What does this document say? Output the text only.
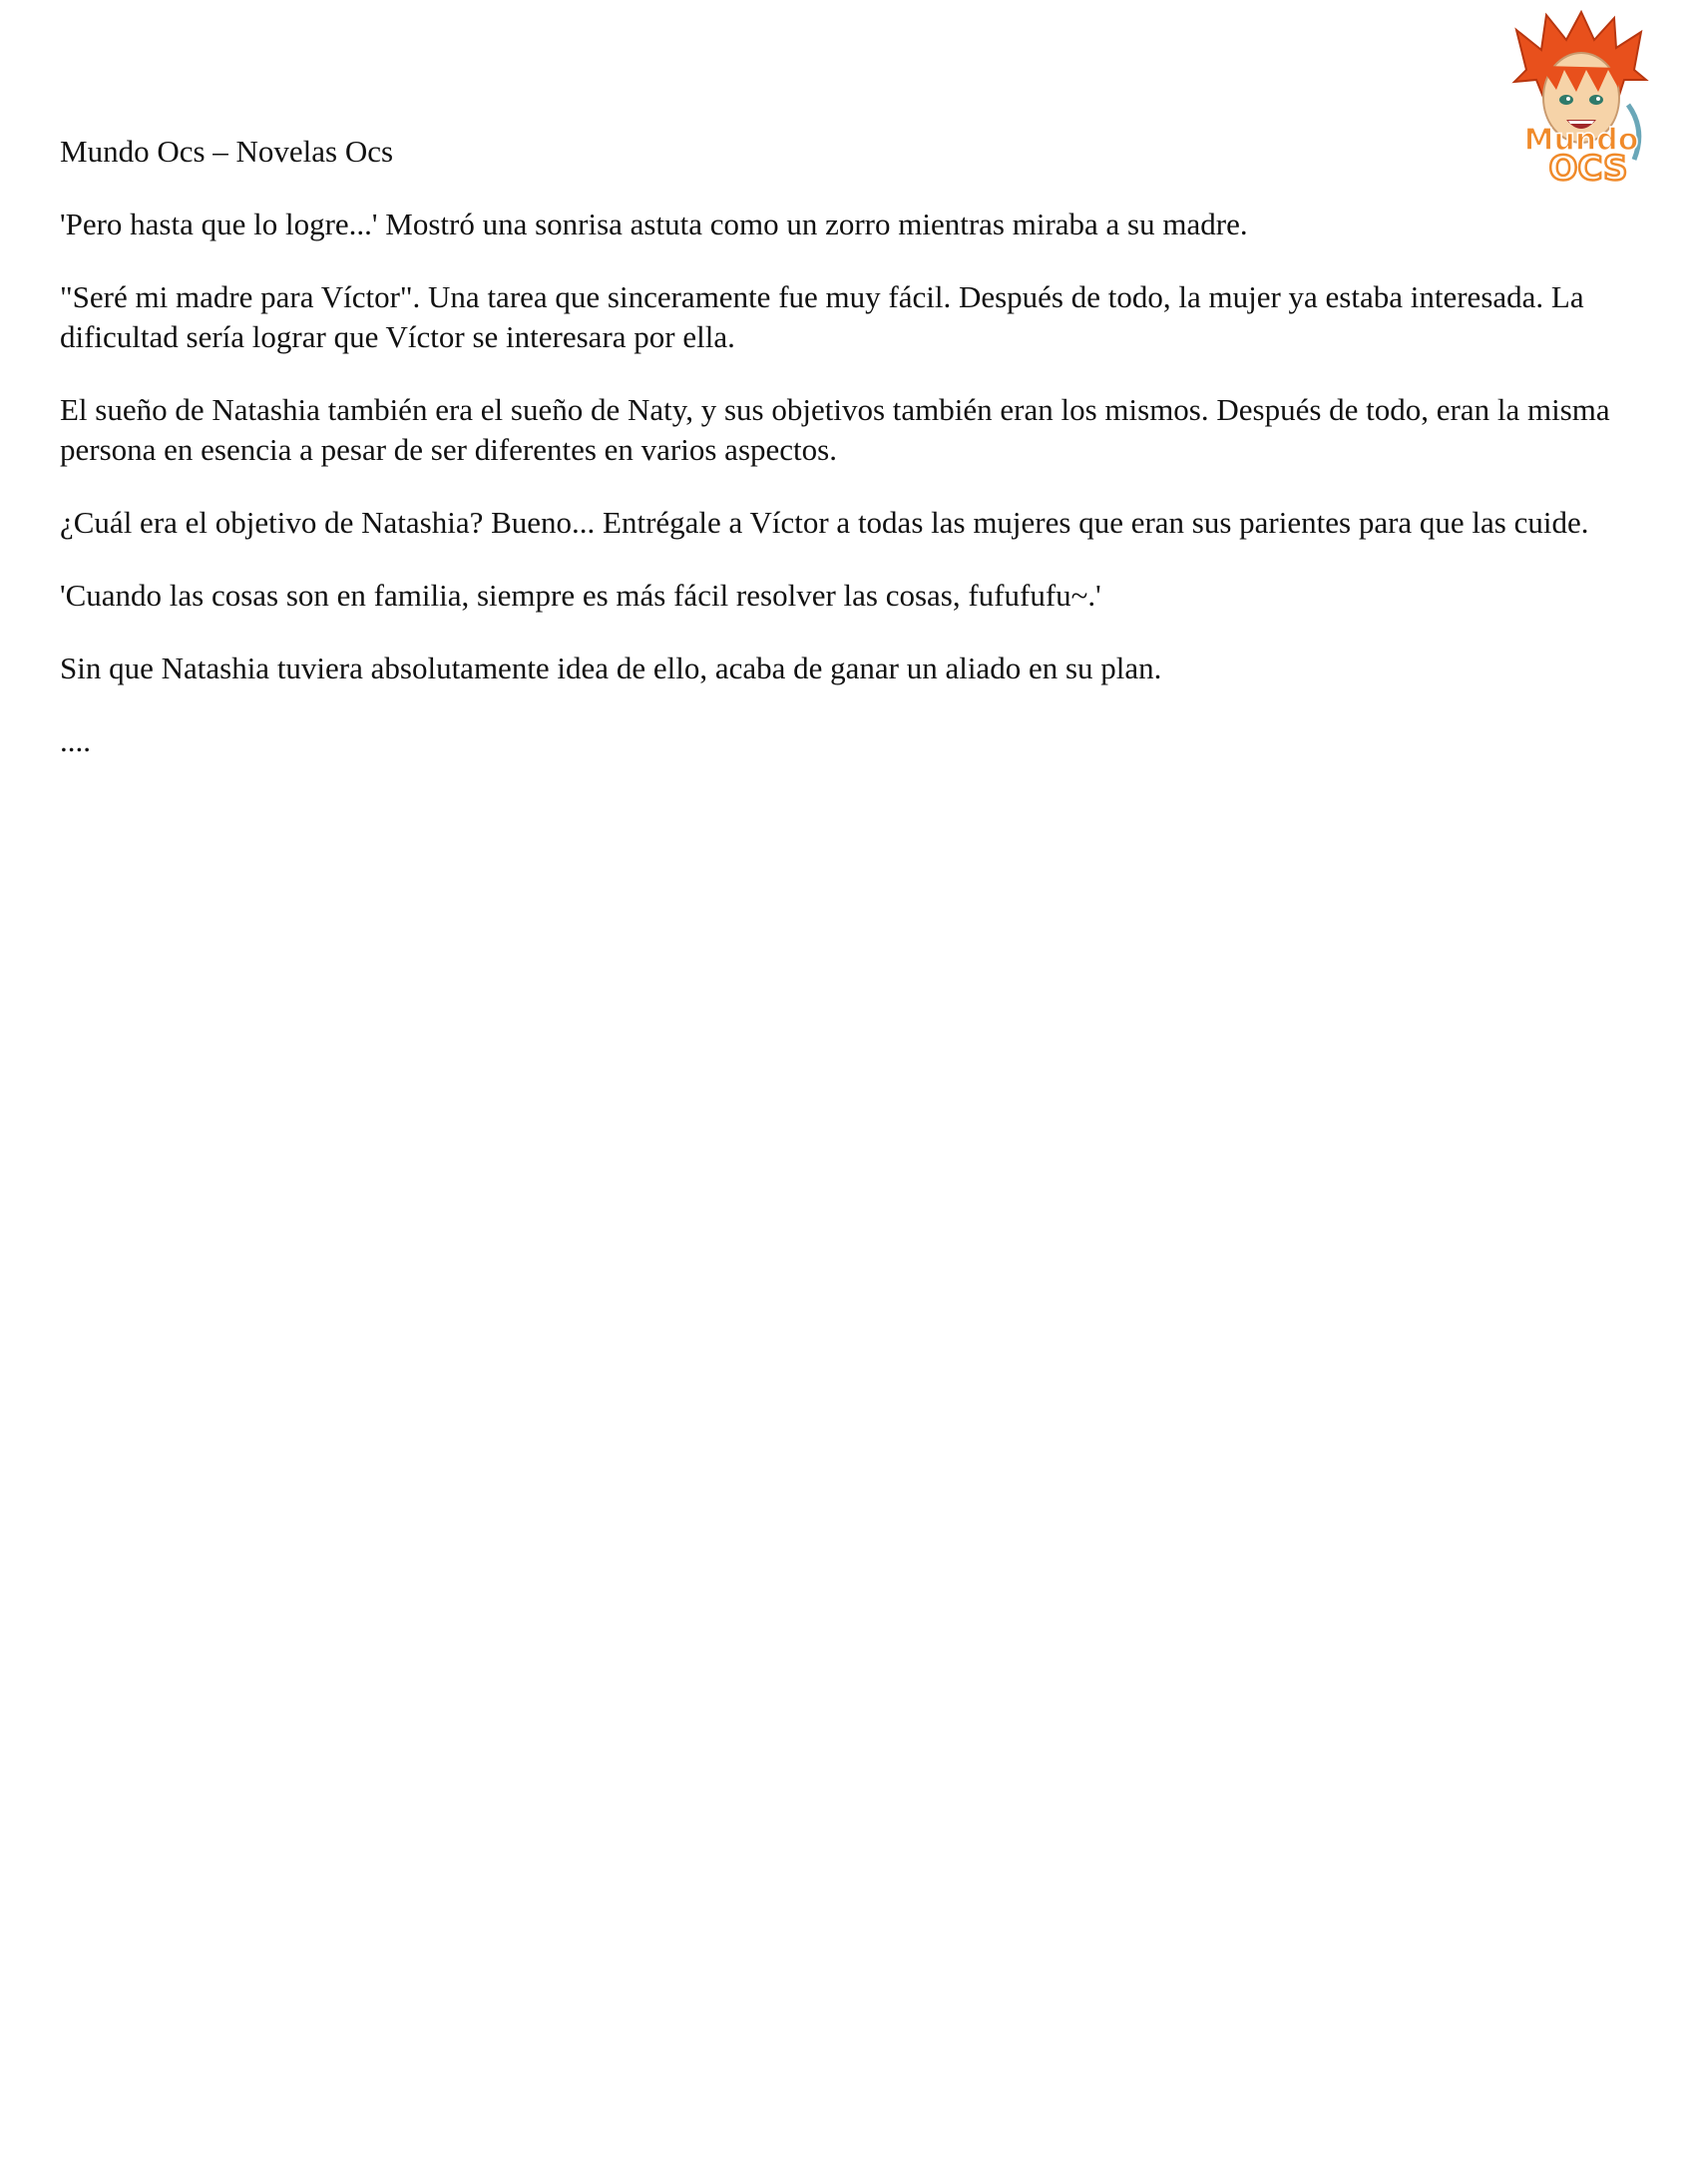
Mundo
OCS

Mundo Ocs – Novelas Ocs

'Pero hasta que lo logre...' Mostró una sonrisa astuta como un zorro mientras miraba a su madre.

"Seré mi madre para Víctor". Una tarea que sinceramente fue muy fácil. Después de todo, la mujer ya estaba interesada. La dificultad sería lograr que Víctor se interesara por ella.

El sueño de Natashia también era el sueño de Naty, y sus objetivos también eran los mismos. Después de todo, eran la misma persona en esencia a pesar de ser diferentes en varios aspectos.

¿Cuál era el objetivo de Natashia? Bueno... Entrégale a Víctor a todas las mujeres que eran sus parientes para que las cuide.

'Cuando las cosas son en familia, siempre es más fácil resolver las cosas, fufufufu~.'

Sin que Natashia tuviera absolutamente idea de ello, acaba de ganar un aliado en su plan.

....
